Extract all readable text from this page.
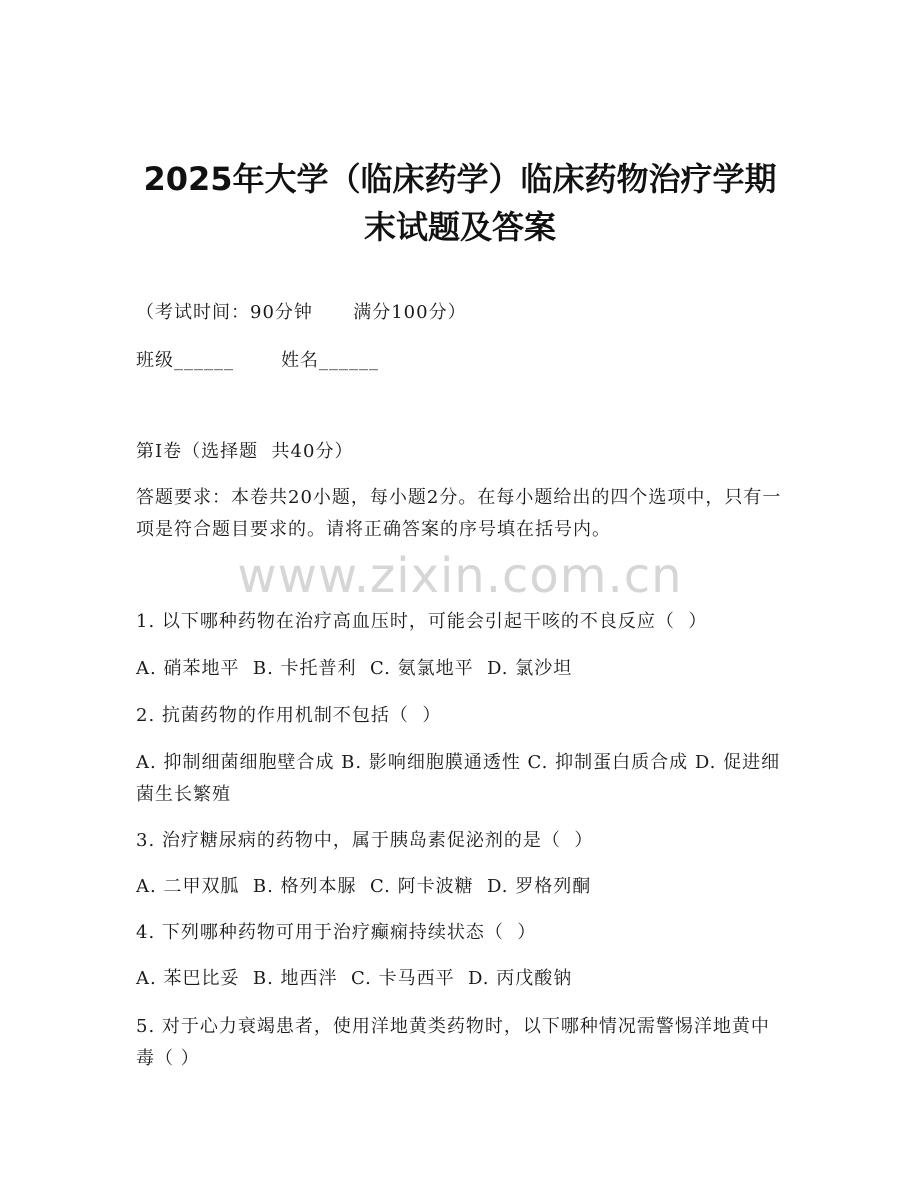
2025年大学（临床药学）临床药物治疗学期
末试题及答案

（考试时间：90分钟      满分100分）

班级______       姓名______

第I卷（选择题  共40分）

答题要求：本卷共20小题，每小题2分。在每小题给出的四个选项中，只有一项是符合题目要求的。请将正确答案的序号填在括号内。

www.zixin.com.cn

1. 以下哪种药物在治疗高血压时，可能会引起干咳的不良反应（  ）

A. 硝苯地平  B. 卡托普利  C. 氨氯地平  D. 氯沙坦

2. 抗菌药物的作用机制不包括（  ）

A. 抑制细菌细胞壁合成 B. 影响细胞膜通透性 C. 抑制蛋白质合成 D. 促进细菌生长繁殖

3. 治疗糖尿病的药物中，属于胰岛素促泌剂的是（  ）

A. 二甲双胍  B. 格列本脲  C. 阿卡波糖  D. 罗格列酮

4. 下列哪种药物可用于治疗癫痫持续状态（  ）

A. 苯巴比妥  B. 地西泮  C. 卡马西平  D. 丙戊酸钠

5. 对于心力衰竭患者，使用洋地黄类药物时，以下哪种情况需警惕洋地黄中毒（ ）
